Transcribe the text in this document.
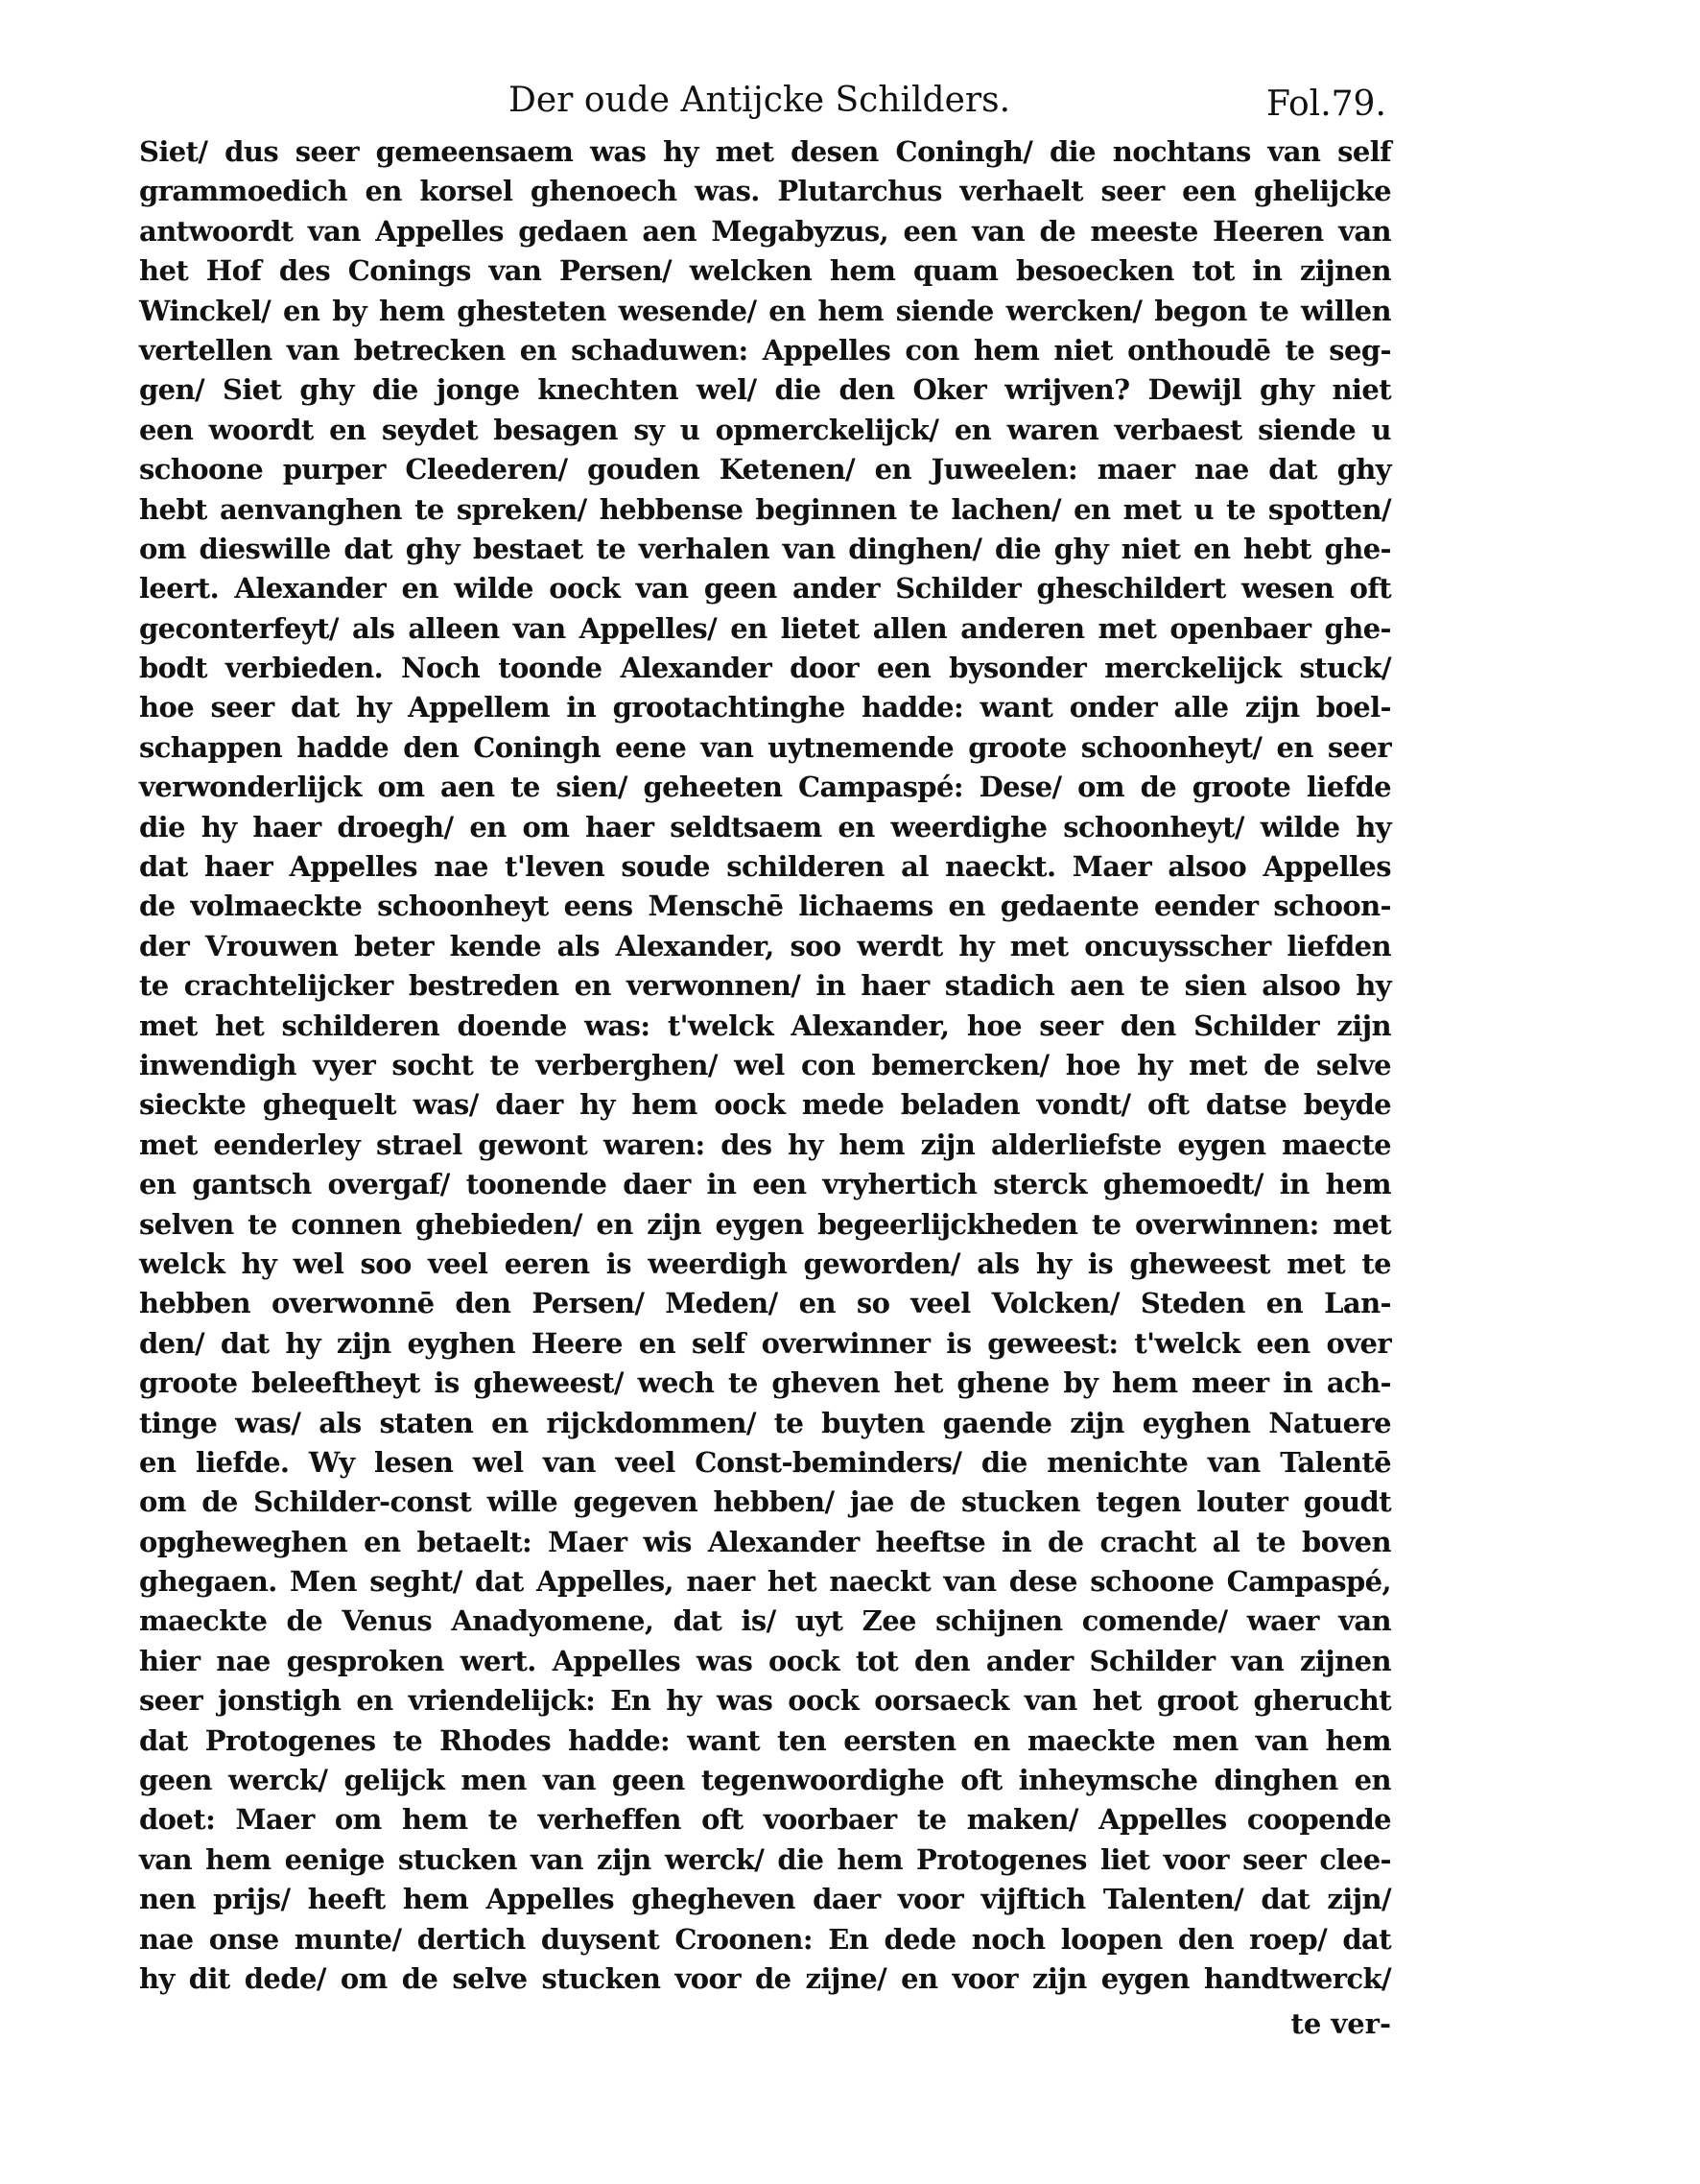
Der oude Antijcke Schilders.	Fol.79.
Siet/ dus seer gemeensaem was hy met desen Coningh/ die nochtans van self
grammoedich en korsel ghenoech was. Plutarchus verhaelt seer een ghelijcke
antwoordt van Appelles gedaen aen Megabyzus, een van de meeste Heeren van
het Hof des Conings van Persen/ welcken hem quam besoecken tot in zijnen
Winckel/ en by hem ghesteten wesende/ en hem siende wercken/ begon te willen
vertellen van betrecken en schaduwen: Appelles con hem niet onthoudē te seg-
gen/ Siet ghy die jonge knechten wel/ die den Oker wrijven? Dewijl ghy niet
een woordt en seydet besagen sy u opmerckelijck/ en waren verbaest siende u
schoone purper Cleederen/ gouden Ketenen/ en Juweelen: maer nae dat ghy
hebt aenvanghen te spreken/ hebbense beginnen te lachen/ en met u te spotten/
om dieswille dat ghy bestaet te verhalen van dinghen/ die ghy niet en hebt ghe-
leert. Alexander en wilde oock van geen ander Schilder gheschildert wesen oft
geconterfeyt/ als alleen van Appelles/ en lietet allen anderen met openbaer ghe-
bodt verbieden. Noch toonde Alexander door een bysonder merckelijck stuck/
hoe seer dat hy Appellem in grootachtinghe hadde: want onder alle zijn boel-
schappen hadde den Coningh eene van uytnemende groote schoonheyt/ en seer
verwonderlijck om aen te sien/ geheeten Campaspé: Dese/ om de groote liefde
die hy haer droegh/ en om haer seldtsaem en weerdighe schoonheyt/ wilde hy
dat haer Appelles nae t'leven soude schilderen al naeckt. Maer alsoo Appelles
de volmaeckte schoonheyt eens Menschē lichaems en gedaente eender schoon-
der Vrouwen beter kende als Alexander, soo werdt hy met oncuysscher liefden
te crachtelijcker bestreden en verwonnen/ in haer stadich aen te sien alsoo hy
met het schilderen doende was: t'welck Alexander, hoe seer den Schilder zijn
inwendigh vyer socht te verberghen/ wel con bemercken/ hoe hy met de selve
sieckte ghequelt was/ daer hy hem oock mede beladen vondt/ oft datse beyde
met eenderley strael gewont waren: des hy hem zijn alderliefste eygen maecte
en gantsch overgaf/ toonende daer in een vryhertich sterck ghemoedt/ in hem
selven te connen ghebieden/ en zijn eygen begeerlijckheden te overwinnen: met
welck hy wel soo veel eeren is weerdigh geworden/ als hy is gheweest met te
hebben overwonnē den Persen/ Meden/ en so veel Volcken/ Steden en Lan-
den/ dat hy zijn eyghen Heere en self overwinner is geweest: t'welck een over
groote beleefthеyt is gheweest/ wech te gheven het ghene by hem meer in ach-
tinge was/ als staten en rijckdommen/ te buyten gaende zijn eyghen Natuere
en liefde. Wy lesen wel van veel Const-beminders/ die menichte van Talentē
om de Schilder-const wille gegeven hebben/ jae de stucken tegen louter goudt
opgheweghen en betaelt: Maer wis Alexander heeftse in de cracht al te boven
ghegaen. Men seght/ dat Appelles, naer het naeckt van dese schoone Campaspé,
maeckte de Venus Anadyomene, dat is/ uyt Zee schijnen comende/ waer van
hier nae gesproken wert. Appelles was oock tot den ander Schilder van zijnen
seer jonstigh en vriendelijck: En hy was oock oorsaeck van het groot gherucht
dat Protogenes te Rhodes hadde: want ten eersten en maeckte men van hem
geen werck/ gelijck men van geen tegenwoordighe oft inheymsche dinghen en
doet: Maer om hem te verheffen oft voorbaer te maken/ Appelles coopende
van hem eenige stucken van zijn werck/ die hem Protogenes liet voor seer clee-
nen prijs/ heeft hem Appelles ghegheven daer voor vijftich Talenten/ dat zijn/
nae onse munte/ dertich duysent Croonen: En dede noch loopen den roep/ dat
hy dit dede/ om de selve stucken voor de zijne/ en voor zijn eygen handtwerck/
te ver-
